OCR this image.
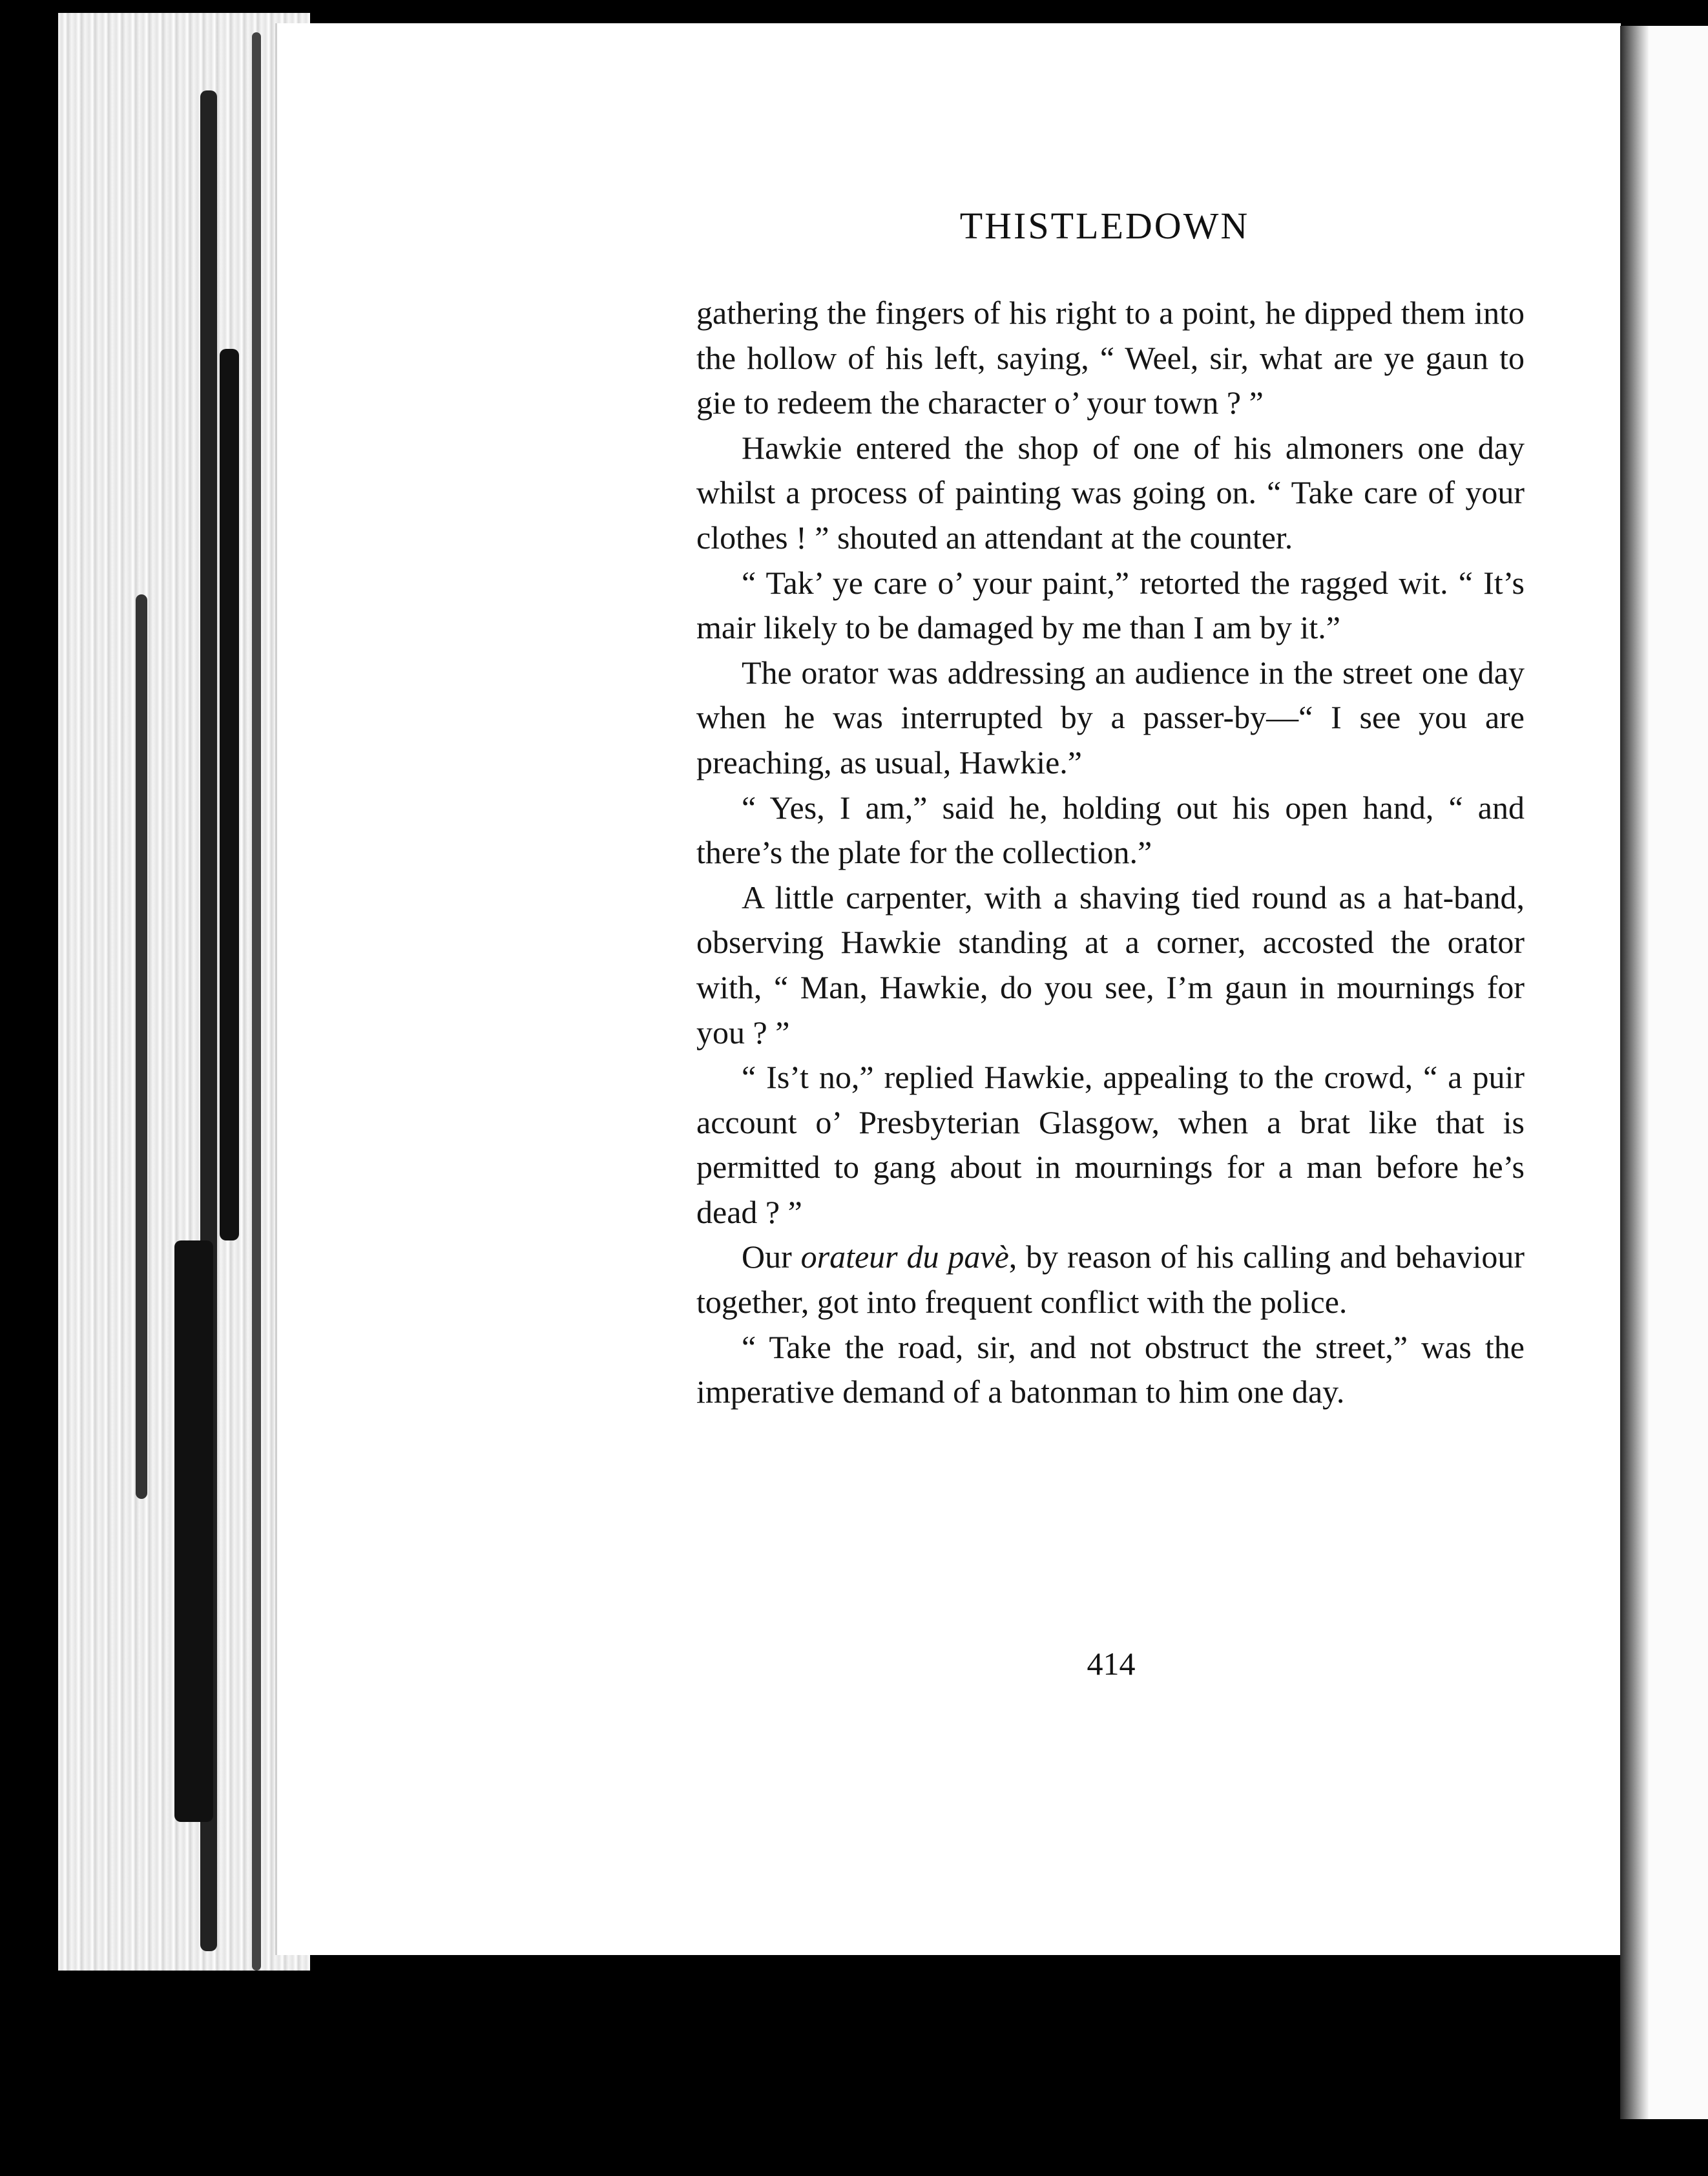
THISTLEDOWN

gathering the fingers of his right to a point, he dipped them into the hollow of his left, saying, “ Weel, sir, what are ye gaun to gie to redeem the character o’ your town ? ”

Hawkie entered the shop of one of his almoners one day whilst a process of painting was going on. “ Take care of your clothes ! ” shouted an attendant at the counter.

“ Tak’ ye care o’ your paint,” retorted the ragged wit. “ It’s mair likely to be damaged by me than I am by it.”

The orator was addressing an audience in the street one day when he was interrupted by a passer-by—“ I see you are preaching, as usual, Hawkie.”

“ Yes, I am,” said he, holding out his open hand, “ and there’s the plate for the collection.”

A little carpenter, with a shaving tied round as a hat-band, observing Hawkie standing at a corner, accosted the orator with, “ Man, Hawkie, do you see, I’m gaun in mournings for you ? ”

“ Is’t no,” replied Hawkie, appealing to the crowd, “ a puir account o’ Presbyterian Glasgow, when a brat like that is permitted to gang about in mournings for a man before he’s dead ? ”

Our orateur du pavè, by reason of his calling and behaviour together, got into frequent conflict with the police.

“ Take the road, sir, and not obstruct the street,” was the imperative demand of a batonman to him one day.

414
